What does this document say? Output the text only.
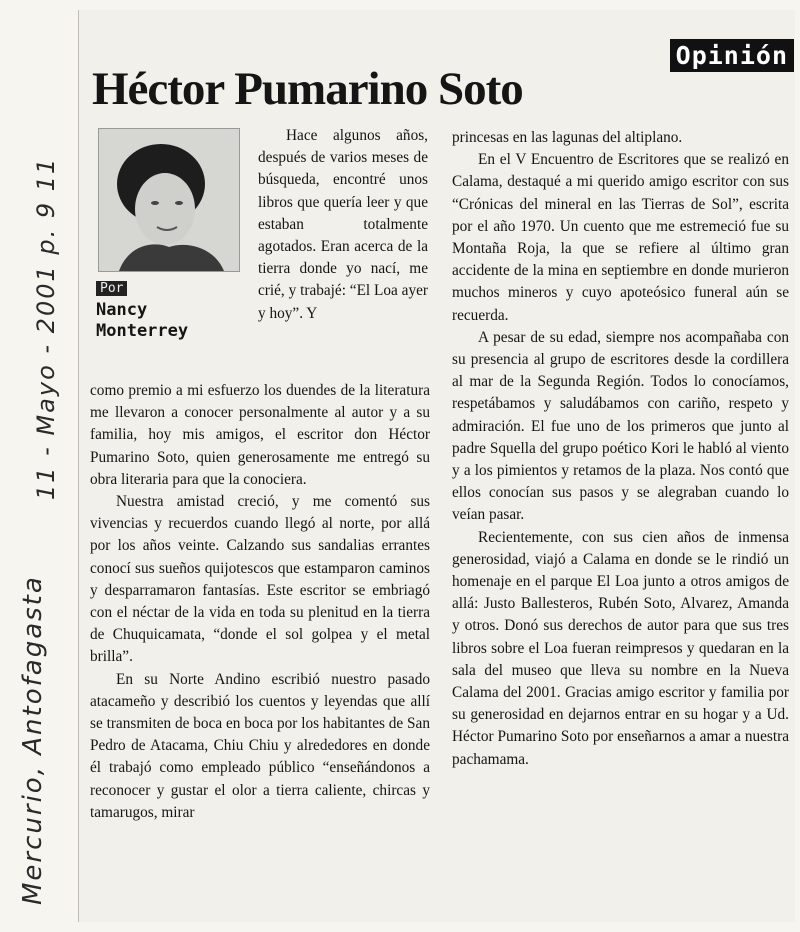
Mercurio, Antofagasta
11 - Mayo - 2001 p. 9 11
Opinión
Héctor Pumarino Soto
Por
Nancy
Monterrey

Hace algunos años, después de varios meses de búsqueda, encontré unos libros que quería leer y que estaban totalmente agotados. Eran acerca de la tierra donde yo nací, me crié, y trabajé: “El Loa ayer y hoy”. Y

como premio a mi esfuerzo los duendes de la literatura me llevaron a conocer personalmente al autor y a su familia, hoy mis amigos, el escritor don Héctor Pumarino Soto, quien generosamente me entregó su obra literaria para que la conociera.

Nuestra amistad creció, y me comentó sus vivencias y recuerdos cuando llegó al norte, por allá por los años veinte. Calzando sus sandalias errantes conocí sus sueños quijotescos que estamparon caminos y desparramaron fantasías. Este escritor se embriagó con el néctar de la vida en toda su plenitud en la tierra de Chuquicamata, “donde el sol golpea y el metal brilla”.

En su Norte Andino escribió nuestro pasado atacameño y describió los cuentos y leyendas que allí se transmiten de boca en boca por los habitantes de San Pedro de Atacama, Chiu Chiu y alrededores en donde él trabajó como empleado público “enseñándonos a reconocer y gustar el olor a tierra caliente, chircas y tamarugos, mirar

princesas en las lagunas del altiplano.

En el V Encuentro de Escritores que se realizó en Calama, destaqué a mi querido amigo escritor con sus “Crónicas del mineral en las Tierras de Sol”, escrita por el año 1970. Un cuento que me estremeció fue su Montaña Roja, la que se refiere al último gran accidente de la mina en septiembre en donde murieron muchos mineros y cuyo apoteósico funeral aún se recuerda.

A pesar de su edad, siempre nos acompañaba con su presencia al grupo de escritores desde la cordillera al mar de la Segunda Región. Todos lo conocíamos, respetábamos y saludábamos con cariño, respeto y admiración. El fue uno de los primeros que junto al padre Squella del grupo poético Kori le habló al viento y a los pimientos y retamos de la plaza. Nos contó que ellos conocían sus pasos y se alegraban cuando lo veían pasar.

Recientemente, con sus cien años de inmensa generosidad, viajó a Calama en donde se le rindió un homenaje en el parque El Loa junto a otros amigos de allá: Justo Ballesteros, Rubén Soto, Alvarez, Amanda y otros. Donó sus derechos de autor para que sus tres libros sobre el Loa fueran reimpresos y quedaran en la sala del museo que lleva su nombre en la Nueva Calama del 2001. Gracias amigo escritor y familia por su generosidad en dejarnos entrar en su hogar y a Ud. Héctor Pumarino Soto por enseñarnos a amar a nuestra pachamama.
